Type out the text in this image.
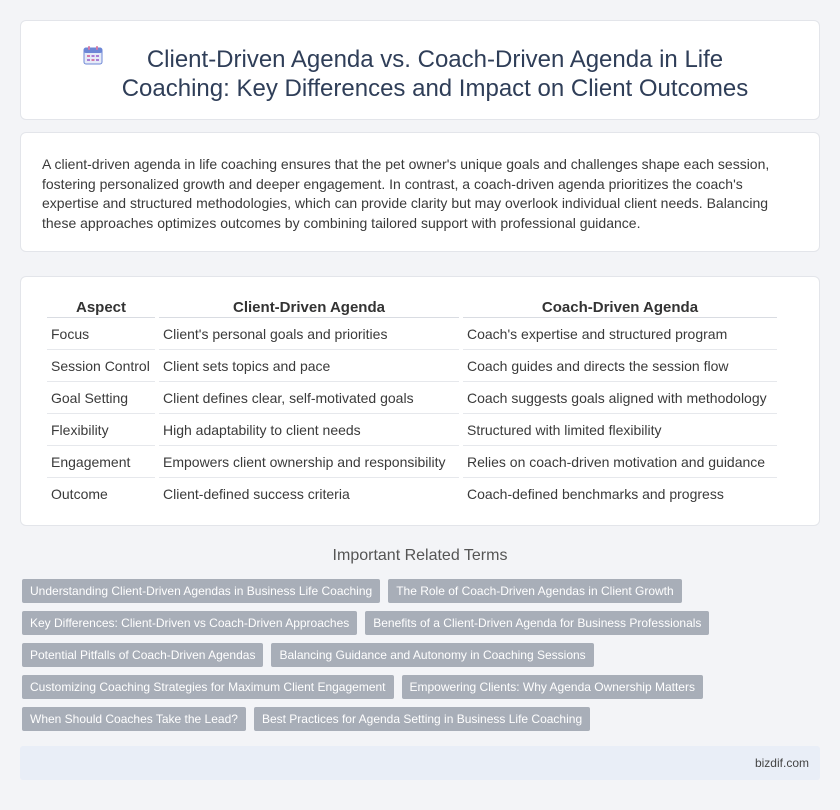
Client-Driven Agenda vs. Coach-Driven Agenda in Life Coaching: Key Differences and Impact on Client Outcomes

A client-driven agenda in life coaching ensures that the pet owner's unique goals and challenges shape each session, fostering personalized growth and deeper engagement. In contrast, a coach-driven agenda prioritizes the coach's expertise and structured methodologies, which can provide clarity but may overlook individual client needs. Balancing these approaches optimizes outcomes by combining tailored support with professional guidance.

Aspect	Client-Driven Agenda	Coach-Driven Agenda
Focus	Client's personal goals and priorities	Coach's expertise and structured program
Session Control	Client sets topics and pace	Coach guides and directs the session flow
Goal Setting	Client defines clear, self-motivated goals	Coach suggests goals aligned with methodology
Flexibility	High adaptability to client needs	Structured with limited flexibility
Engagement	Empowers client ownership and responsibility	Relies on coach-driven motivation and guidance
Outcome	Client-defined success criteria	Coach-defined benchmarks and progress
Important Related Terms
Understanding Client-Driven Agendas in Business Life Coaching	The Role of Coach-Driven Agendas in Client Growth
Key Differences: Client-Driven vs Coach-Driven Approaches	Benefits of a Client-Driven Agenda for Business Professionals
Potential Pitfalls of Coach-Driven Agendas	Balancing Guidance and Autonomy in Coaching Sessions
Customizing Coaching Strategies for Maximum Client Engagement	Empowering Clients: Why Agenda Ownership Matters
When Should Coaches Take the Lead?	Best Practices for Agenda Setting in Business Life Coaching
bizdif.com
